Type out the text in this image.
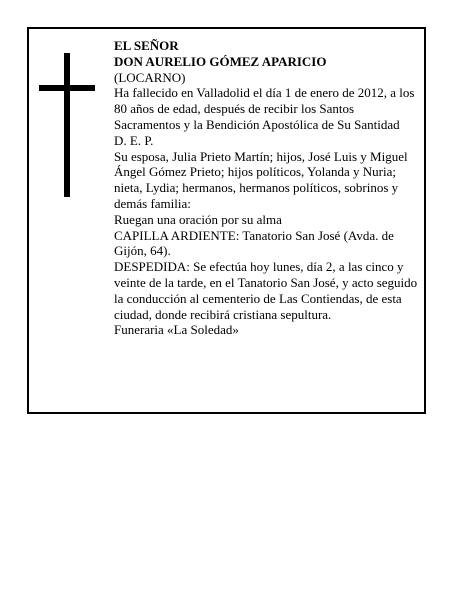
EL SEÑOR

DON AURELIO GÓMEZ APARICIO

(LOCARNO)

Ha fallecido en Valladolid el día 1 de enero de 2012, a los 80 años de edad, después de recibir los Santos Sacramentos y la Bendición Apostólica de Su Santidad

D. E. P.

Su esposa, Julia Prieto Martín; hijos, José Luis y Miguel Ángel Gómez Prieto; hijos políticos, Yolanda y Nuria; nieta, Lydia; hermanos, hermanos políticos, sobrinos y demás familia:

Ruegan una oración por su alma

CAPILLA ARDIENTE: Tanatorio San José (Avda. de Gijón, 64).

DESPEDIDA: Se efectúa hoy lunes, día 2, a las cinco y veinte de la tarde, en el Tanatorio San José, y acto seguido la conducción al cementerio de Las Contiendas, de esta ciudad, donde recibirá cristiana sepultura.

Funeraria «La Soledad»
